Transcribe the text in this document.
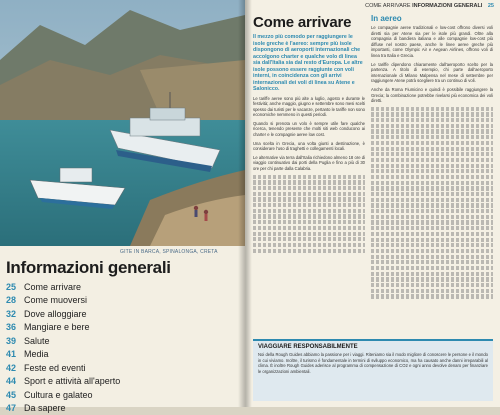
GITE IN BARCA, SPINALONGA, CRETA
Informazioni generali
25 Come arrivare
28 Come muoversi
32 Dove alloggiare
36 Mangiare e bere
39 Salute
41 Media
42 Feste ed eventi
44 Sport e attività all'aperto
45 Cultura e galateo
47 Da sapere
COME ARRIVARE INFORMAZIONI GENERALI 25
Come arrivare

Il mezzo più comodo per raggiungere le isole greche è l'aereo: sempre più isole dispongono di aeroporti internazionali che accolgono charter e qualche volo di linea sia dall'Italia sia dal resto d'Europa. Le altre isole possono essere raggiunte con voli interni, in coincidenza con gli arrivi internazionali dei voli di linea su Atene e Salonicco.

Le tariffe aeree sono più alte a luglio, agosto e durante le festività; anche maggio, giugno e settembre sono mesi scelti spesso dai turisti per le vacanze, pertanto le tariffe non sono economiche nemmeno in questi periodi.

Quando si prenota un volo è sempre utile fare qualche ricerca, tenendo presente che molti siti web conducono ai charter e le compagnie aeree low cost.

Una scelta in Grecia, una volta giunti a destinazione, è considerare l'uso di traghetti e collegamenti locali.

Le alternative via terra dall'Italia richiedono almeno 18 ore di viaggio continuativo dai porti della Puglia e fino a più di 30 ore per chi parte dalla Calabria.

In aereo

Le compagnie aeree tradizionali e low-cost offrono diversi voli diretti sia per Atene sia per le isole più grandi. Oltre alla compagnia di bandiera italiana e alle compagnie low-cost più diffuse nel nostro paese, anche le linee aeree greche più importanti, come Olympic Air e Aegean Airlines, offrono voli di linea tra Italia e Grecia.

Le tariffe dipendono chiaramente dall'aeroporto scelto per la partenza. A titolo di esempio, chi parte dall'aeroporto internazionale di Milano Malpensa nel mese di settembre per raggiungere Atene potrà scegliere tra un continuo di voli.

Anche da Roma Fiumicino e quindi è possibile raggiungere la Grecia; la combinazione potrebbe rivelarsi più economica dei voli diretti.

VIAGGIARE RESPONSABILMENTE

Noi della Rough Guides abbiamo la passione per i viaggi. Riteniamo sia il modo migliore di conoscere le persone e il mondo in cui viviamo. Inoltre, il turismo è fondamentale in termini di sviluppo economico, ma ha causato anche danni irreparabili al clima. È inoltre Rough Guides aderisce al programma di compensazione di CO2 e ogni anno devolve denaro per finanziare le organizzazioni ambientali.
